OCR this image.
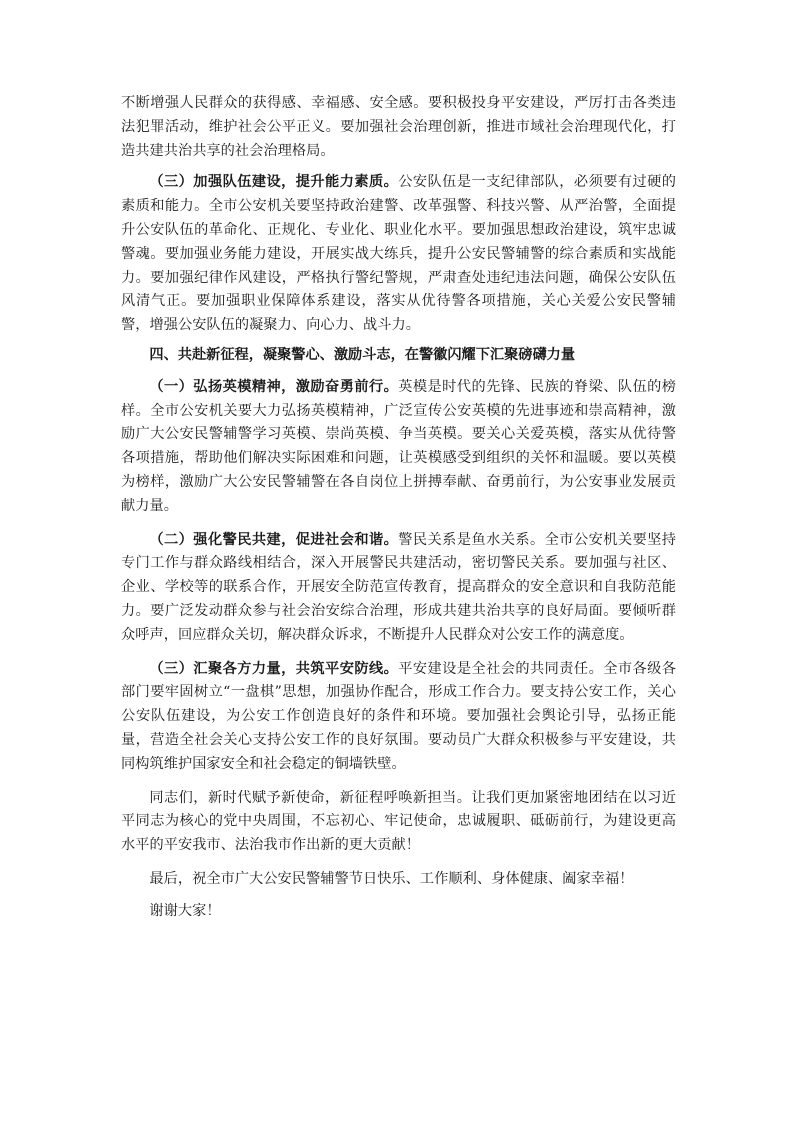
不断增强人民群众的获得感、幸福感、安全感。要积极投身平安建设，严厉打击各类违法犯罪活动，维护社会公平正义。要加强社会治理创新，推进市域社会治理现代化，打造共建共治共享的社会治理格局。

（三）加强队伍建设，提升能力素质。公安队伍是一支纪律部队，必须要有过硬的素质和能力。全市公安机关要坚持政治建警、改革强警、科技兴警、从严治警，全面提升公安队伍的革命化、正规化、专业化、职业化水平。要加强思想政治建设，筑牢忠诚警魂。要加强业务能力建设，开展实战大练兵，提升公安民警辅警的综合素质和实战能力。要加强纪律作风建设，严格执行警纪警规，严肃查处违纪违法问题，确保公安队伍风清气正。要加强职业保障体系建设，落实从优待警各项措施，关心关爱公安民警辅警，增强公安队伍的凝聚力、向心力、战斗力。

四、共赴新征程，凝聚警心、激励斗志，在警徽闪耀下汇聚磅礴力量

（一）弘扬英模精神，激励奋勇前行。英模是时代的先锋、民族的脊梁、队伍的榜样。全市公安机关要大力弘扬英模精神，广泛宣传公安英模的先进事迹和崇高精神，激励广大公安民警辅警学习英模、崇尚英模、争当英模。要关心关爱英模，落实从优待警各项措施，帮助他们解决实际困难和问题，让英模感受到组织的关怀和温暖。要以英模为榜样，激励广大公安民警辅警在各自岗位上拼搏奉献、奋勇前行，为公安事业发展贡献力量。

（二）强化警民共建，促进社会和谐。警民关系是鱼水关系。全市公安机关要坚持专门工作与群众路线相结合，深入开展警民共建活动，密切警民关系。要加强与社区、企业、学校等的联系合作，开展安全防范宣传教育，提高群众的安全意识和自我防范能力。要广泛发动群众参与社会治安综合治理，形成共建共治共享的良好局面。要倾听群众呼声，回应群众关切，解决群众诉求，不断提升人民群众对公安工作的满意度。

（三）汇聚各方力量，共筑平安防线。平安建设是全社会的共同责任。全市各级各部门要牢固树立“一盘棋”思想，加强协作配合，形成工作合力。要支持公安工作，关心公安队伍建设，为公安工作创造良好的条件和环境。要加强社会舆论引导，弘扬正能量，营造全社会关心支持公安工作的良好氛围。要动员广大群众积极参与平安建设，共同构筑维护国家安全和社会稳定的铜墙铁壁。

同志们，新时代赋予新使命，新征程呼唤新担当。让我们更加紧密地团结在以习近平同志为核心的党中央周围，不忘初心、牢记使命，忠诚履职、砥砺前行，为建设更高水平的平安我市、法治我市作出新的更大贡献！

最后，祝全市广大公安民警辅警节日快乐、工作顺利、身体健康、阖家幸福！

谢谢大家！
